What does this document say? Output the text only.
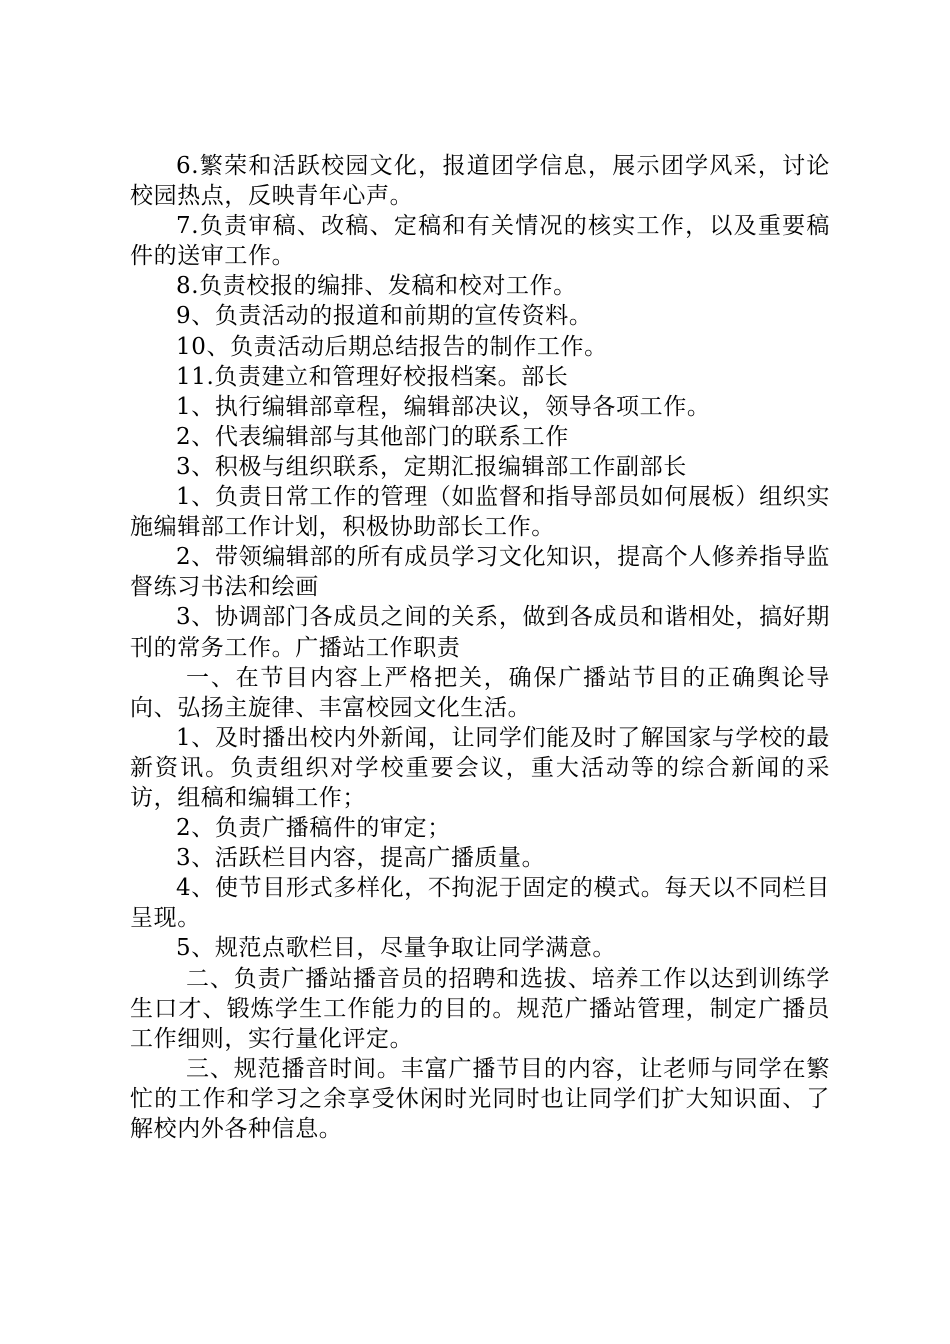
6.繁荣和活跃校园文化，报道团学信息，展示团学风采，讨论校园热点，反映青年心声。

7.负责审稿、改稿、定稿和有关情况的核实工作，以及重要稿件的送审工作。

8.负责校报的编排、发稿和校对工作。

9、负责活动的报道和前期的宣传资料。

10、负责活动后期总结报告的制作工作。

11.负责建立和管理好校报档案。部长

1、执行编辑部章程，编辑部决议，领导各项工作。

2、代表编辑部与其他部门的联系工作

3、积极与组织联系，定期汇报编辑部工作副部长

1、负责日常工作的管理（如监督和指导部员如何展板）组织实施编辑部工作计划，积极协助部长工作。

2、带领编辑部的所有成员学习文化知识，提高个人修养指导监督练习书法和绘画

3、协调部门各成员之间的关系，做到各成员和谐相处，搞好期刊的常务工作。广播站工作职责

一、在节目内容上严格把关，确保广播站节目的正确舆论导向、弘扬主旋律、丰富校园文化生活。

1、及时播出校内外新闻，让同学们能及时了解国家与学校的最新资讯。负责组织对学校重要会议，重大活动等的综合新闻的采访，组稿和编辑工作；

2、负责广播稿件的审定；

3、活跃栏目内容，提高广播质量。

4、使节目形式多样化，不拘泥于固定的模式。每天以不同栏目呈现。

5、规范点歌栏目，尽量争取让同学满意。

二、负责广播站播音员的招聘和选拔、培养工作以达到训练学生口才、锻炼学生工作能力的目的。规范广播站管理，制定广播员工作细则，实行量化评定。

三、规范播音时间。丰富广播节目的内容，让老师与同学在繁忙的工作和学习之余享受休闲时光同时也让同学们扩大知识面、了解校内外各种信息。
